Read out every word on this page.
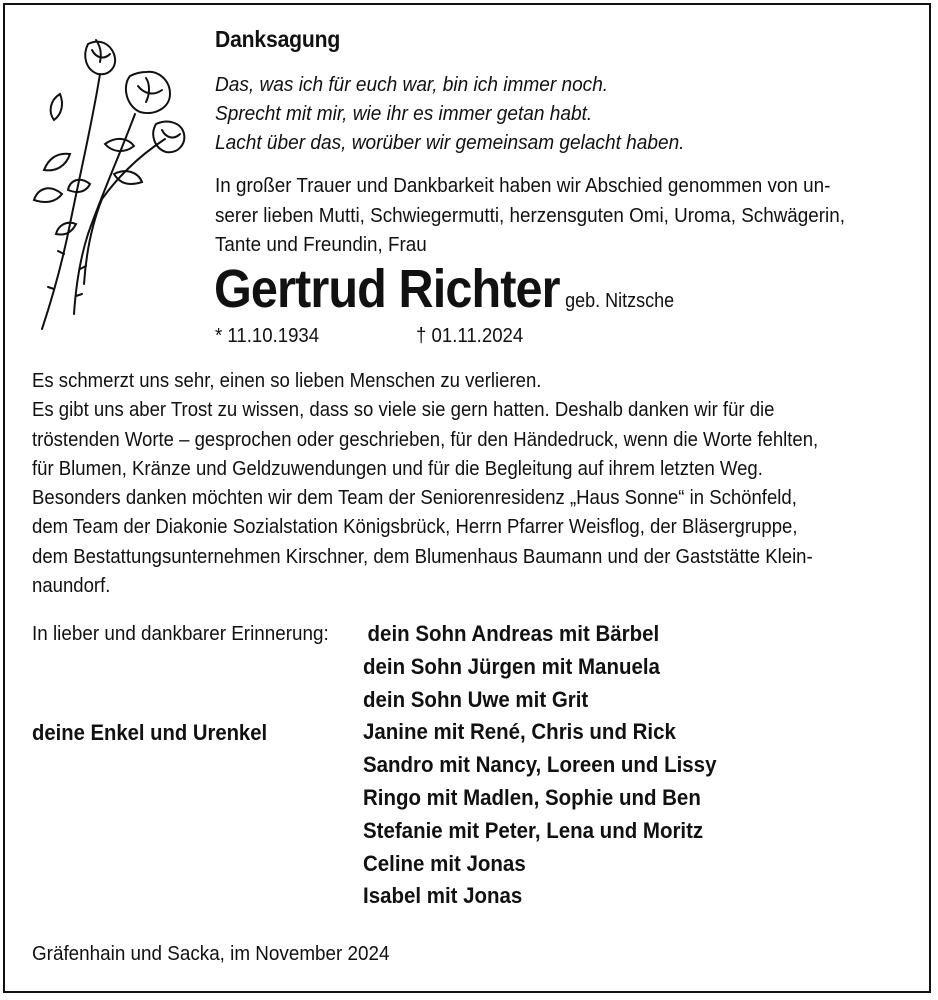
Danksagung
Das, was ich für euch war, bin ich immer noch.
Sprecht mit mir, wie ihr es immer getan habt.
Lacht über das, worüber wir gemeinsam gelacht haben.
In großer Trauer und Dankbarkeit haben wir Abschied genommen von un-
serer lieben Mutti, Schwiegermutti, herzensguten Omi, Uroma, Schwägerin,
Tante und Freundin, Frau
Gertrud Richter geb. Nitzsche
* 11.10.1934	† 01.11.2024
Es schmerzt uns sehr, einen so lieben Menschen zu verlieren.
Es gibt uns aber Trost zu wissen, dass so viele sie gern hatten. Deshalb danken wir für die
tröstenden Worte – gesprochen oder geschrieben, für den Händedruck, wenn die Worte fehlten,
für Blumen, Kränze und Geldzuwendungen und für die Begleitung auf ihrem letzten Weg.
Besonders danken möchten wir dem Team der Seniorenresidenz „Haus Sonne“ in Schönfeld,
dem Team der Diakonie Sozialstation Königsbrück, Herrn Pfarrer Weisflog, der Bläsergruppe,
dem Bestattungsunternehmen Kirschner, dem Blumenhaus Baumann und der Gaststätte Klein-
naundorf.
In lieber und dankbarer Erinnerung:
deine Enkel und Urenkel
dein Sohn Andreas mit Bärbel
dein Sohn Jürgen mit Manuela
dein Sohn Uwe mit Grit
Janine mit René, Chris und Rick
Sandro mit Nancy, Loreen und Lissy
Ringo mit Madlen, Sophie und Ben
Stefanie mit Peter, Lena und Moritz
Celine mit Jonas
Isabel mit Jonas
Gräfenhain und Sacka, im November 2024
